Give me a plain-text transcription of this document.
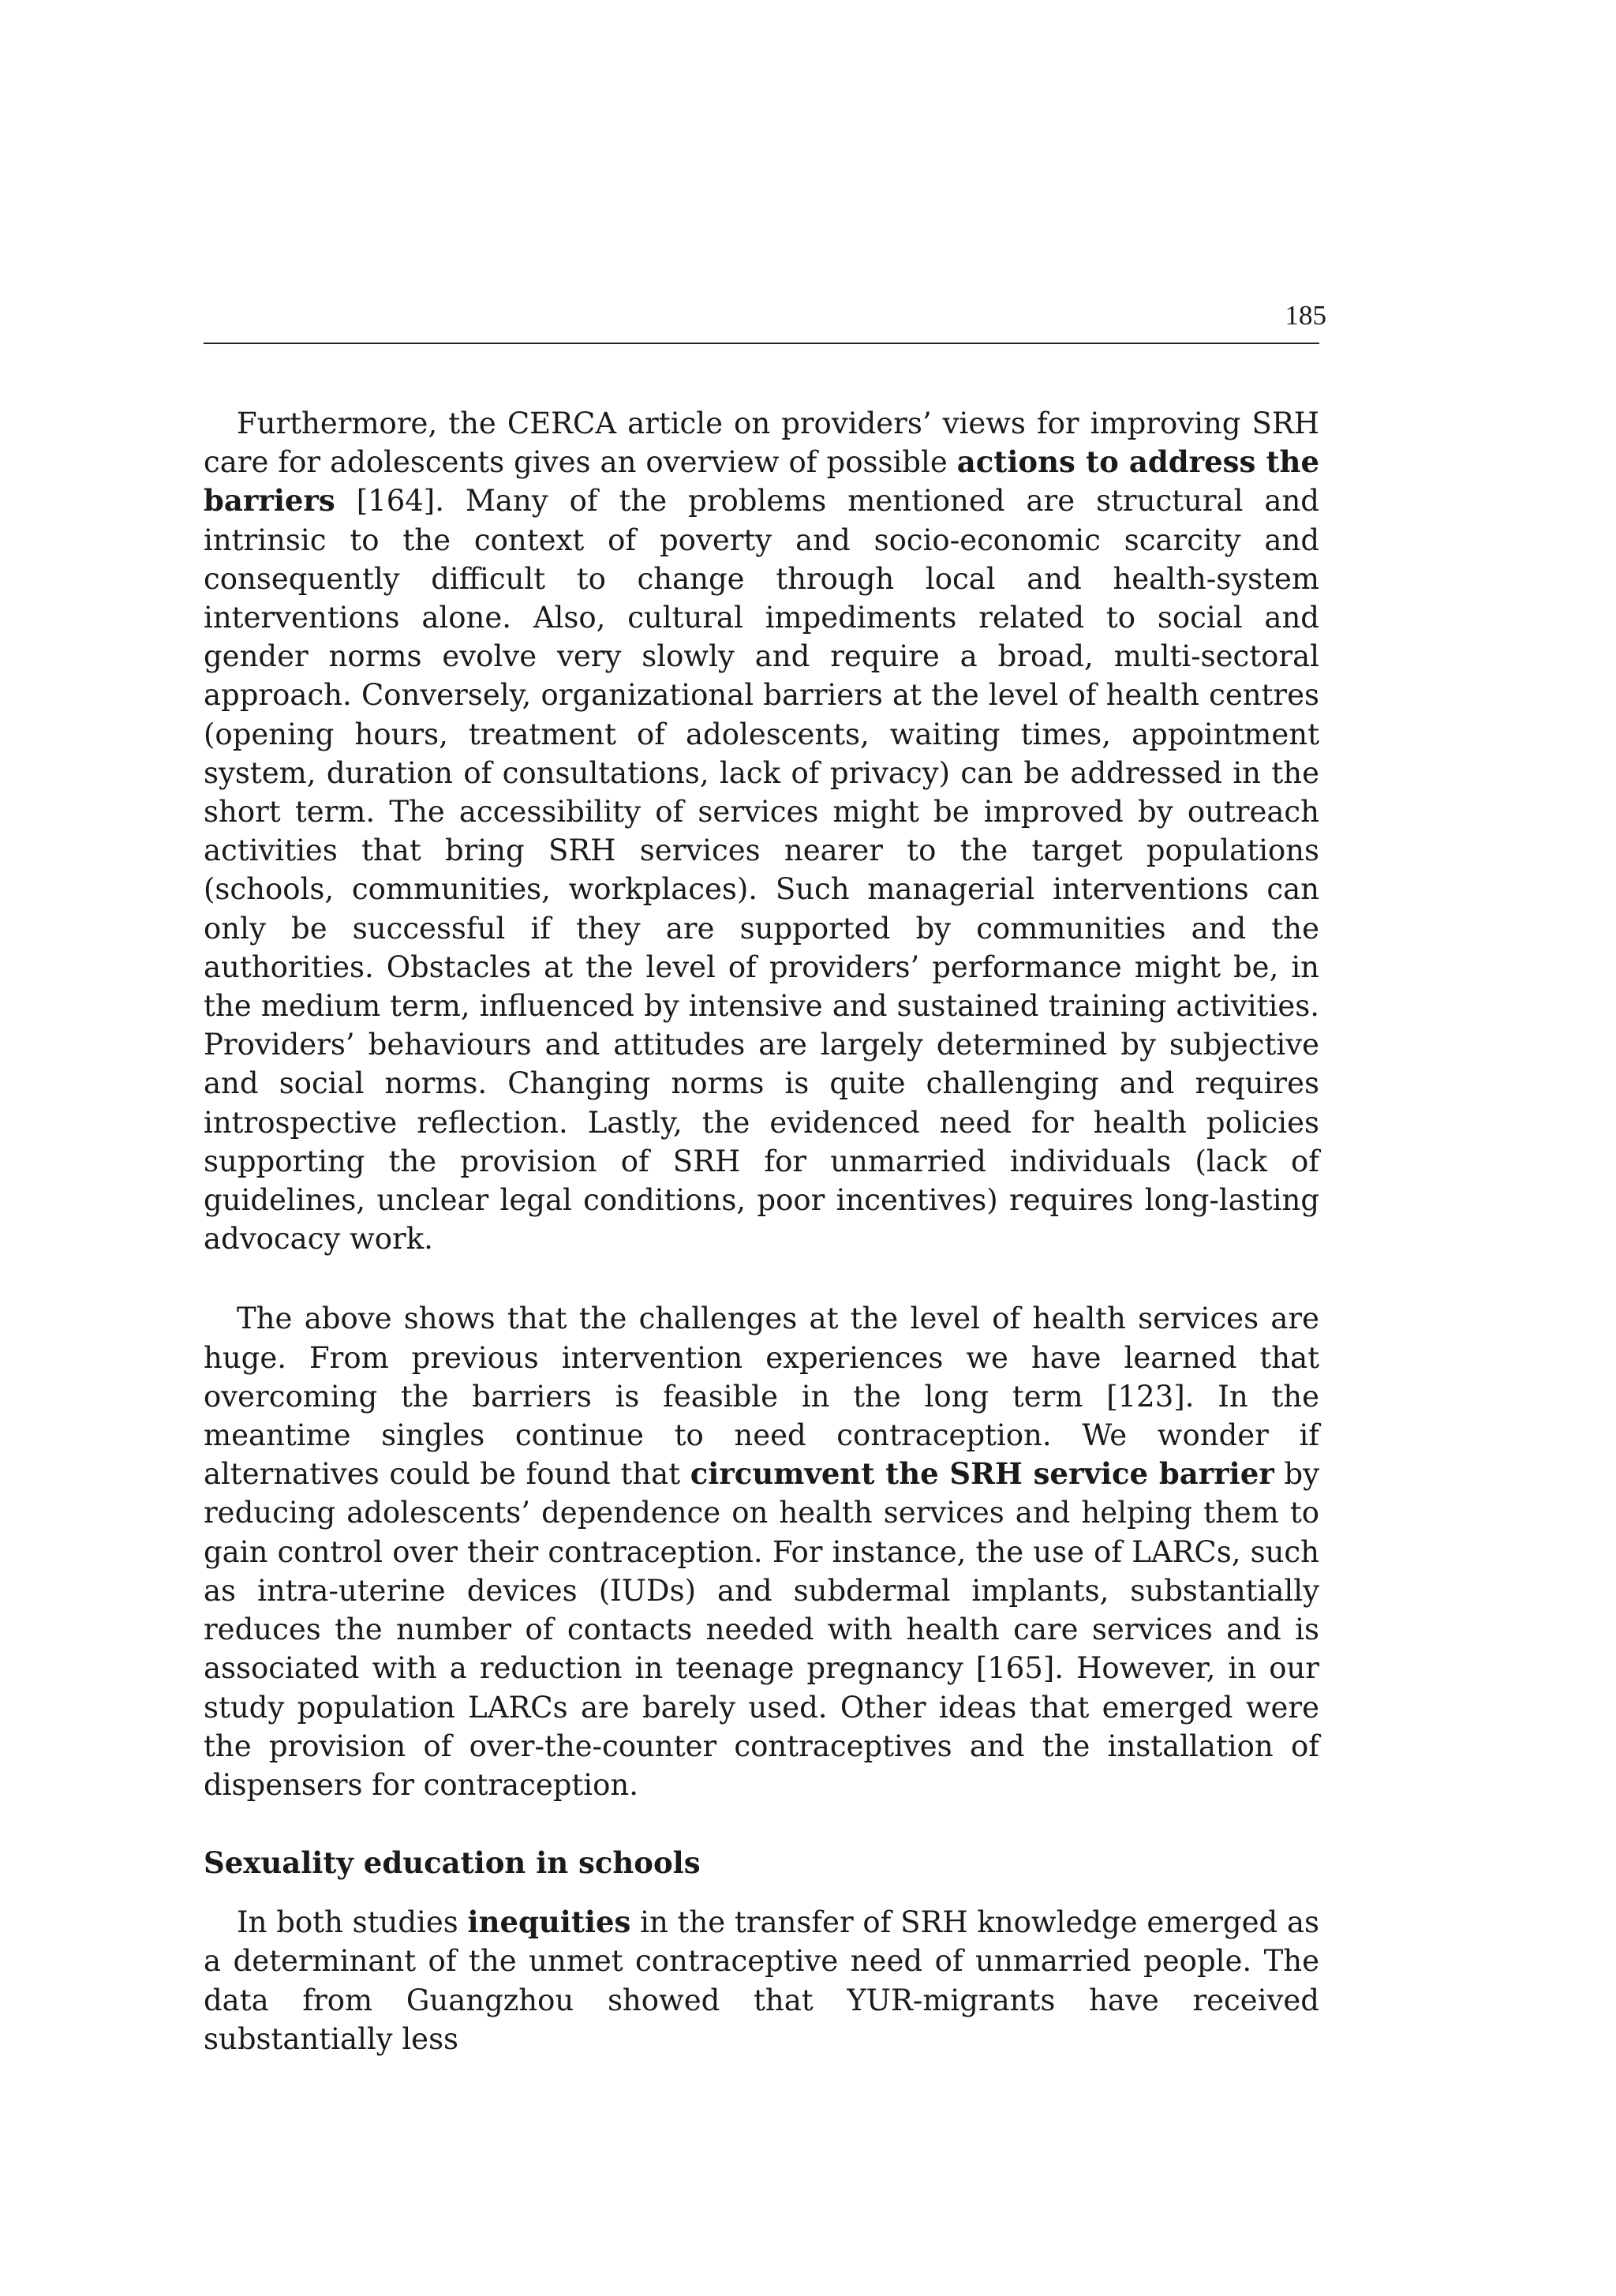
185

Furthermore, the CERCA article on providers’ views for improving SRH care for adolescents gives an overview of possible actions to address the barriers [164]. Many of the problems mentioned are structural and intrinsic to the context of poverty and socio-economic scarcity and consequently difficult to change through local and health-system interventions alone. Also, cultural impediments related to social and gender norms evolve very slowly and require a broad, multi-sectoral approach. Conversely, organizational barriers at the level of health centres (opening hours, treatment of adolescents, waiting times, appointment system, duration of consultations, lack of privacy) can be addressed in the short term. The accessibility of services might be improved by outreach activities that bring SRH services nearer to the target populations (schools, communities, workplaces). Such managerial interventions can only be successful if they are supported by communities and the authorities. Obstacles at the level of providers’ performance might be, in the medium term, influenced by intensive and sustained training activities. Providers’ behaviours and attitudes are largely determined by subjective and social norms. Changing norms is quite challenging and requires introspective reflection. Lastly, the evidenced need for health policies supporting the provision of SRH for unmarried individuals (lack of guidelines, unclear legal conditions, poor incentives) requires long-lasting advocacy work.

The above shows that the challenges at the level of health services are huge. From previous intervention experiences we have learned that overcoming the barriers is feasible in the long term [123]. In the meantime singles continue to need contraception. We wonder if alternatives could be found that circumvent the SRH service barrier by reducing adolescents’ dependence on health services and helping them to gain control over their contraception. For instance, the use of LARCs, such as intra-uterine devices (IUDs) and subdermal implants, substantially reduces the number of contacts needed with health care services and is associated with a reduction in teenage pregnancy [165]. However, in our study population LARCs are barely used. Other ideas that emerged were the provision of over-the-counter contraceptives and the installation of dispensers for contraception.

Sexuality education in schools

In both studies inequities in the transfer of SRH knowledge emerged as a determinant of the unmet contraceptive need of unmarried people. The data from Guangzhou showed that YUR-migrants have received substantially less
